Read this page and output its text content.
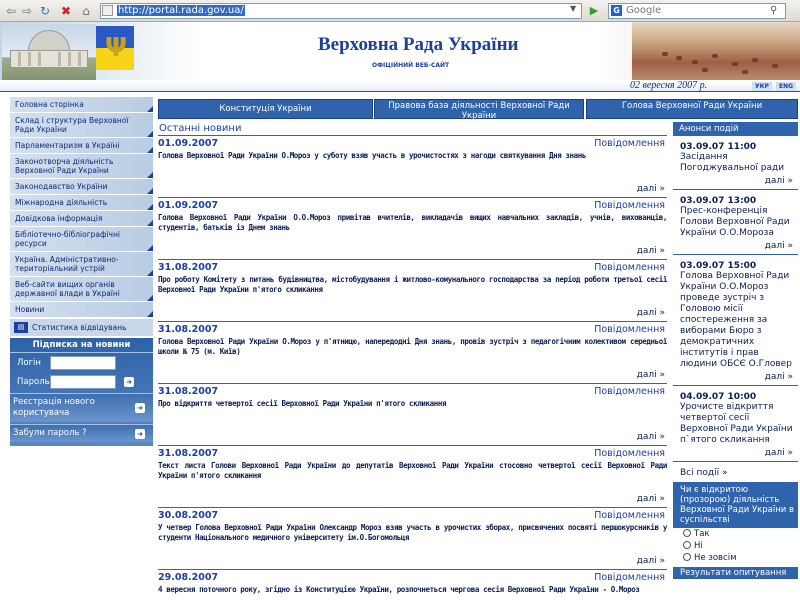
⇦ ⇨ ↻ ✖ ⌂	http://portal.rada.gov.ua/	▼	▶	Google
G	⚲
Ψ	Верховна Рада України
ОФІЦІЙНИЙ ВЕБ-САЙТ
02 вересня 2007 р.	УКР	ENG
Головна сторінка
Склад і структура Верховної Ради України
Парламентаризм в Україні
Законотворча діяльність Верховної Ради України
Законодавство України
Міжнародна діяльність
Довідкова інформація
Бібліотечно-бібліографічні ресурси
Україна. Адміністративно-територіальний устрій
Веб-сайти вищих органів державної влади в Україні
Новини
▤	Статистика відвідувань
Підписка на новини
Логін
Пароль	➜
Реєстрація нового користувача	➜
Забули пароль ?	➜
Конституція України	Правова база діяльності Верховної Ради України
Голова Верховної Ради України
Останні новини
01.09.2007	Повідомлення
Голова Верховної Ради України О.Мороз у суботу взяв участь в урочистостях з нагоди святкування Дня знань
далі »
01.09.2007	Повідомлення
Голова Верховної Ради України О.О.Мороз привітав вчителів, викладачів вищих навчальних закладів, учнів, вихованців, студентів, батьків із Днем знань
далі »
31.08.2007	Повідомлення
Про роботу Комітету з питань будівництва, містобудування і житлово-комунального господарства за період роботи третьої сесії Верховної Ради України п'ятого скликання
далі »
31.08.2007	Повідомлення
Голова Верховної Ради України О.Мороз у п'ятницю, напередодні Дня знань, провів зустріч з педагогічним колективом середньої школи № 75 (м. Київ)
далі »
31.08.2007	Повідомлення
Про відкриття четвертої сесії Верховної Ради України п'ятого скликання
далі »
31.08.2007	Повідомлення
Текст листа Голови Верховної Ради України до депутатів Верховної Ради України стосовно четвертої сесії Верховної Ради України п'ятого скликання
далі »
30.08.2007	Повідомлення
У четвер Голова Верховної Ради України Олександр Мороз взяв участь в урочистих зборах, присвячених посвяті першокурсників у студенти Національного медичного університету ім.О.Богомольця
далі »
29.08.2007	Повідомлення
4 вересня поточного року, згідно із Конституцією України, розпочнеться чергова сесія Верховної Ради України - О.Мороз
Анонси подій
03.09.07 11:00
Засідання Погоджувальної ради
далі »
03.09.07 13:00
Прес-конференція Голови Верховної Ради України О.О.Мороза
далі »
03.09.07 15:00
Голова Верховної Ради України О.О.Мороз проведе зустріч з Головою місії спостереження за виборами Бюро з демократичних інститутів і прав людини ОБСЄ О.Гловер
далі »
04.09.07 10:00
Урочисте відкриття четвертої сесії Верховної Ради України п`ятого скликання
далі »
Всі події »
Чи є відкритою (прозорою) діяльність Верховної Ради України в суспільстві
Так
Ні
Не зовсім
Результати опитування
